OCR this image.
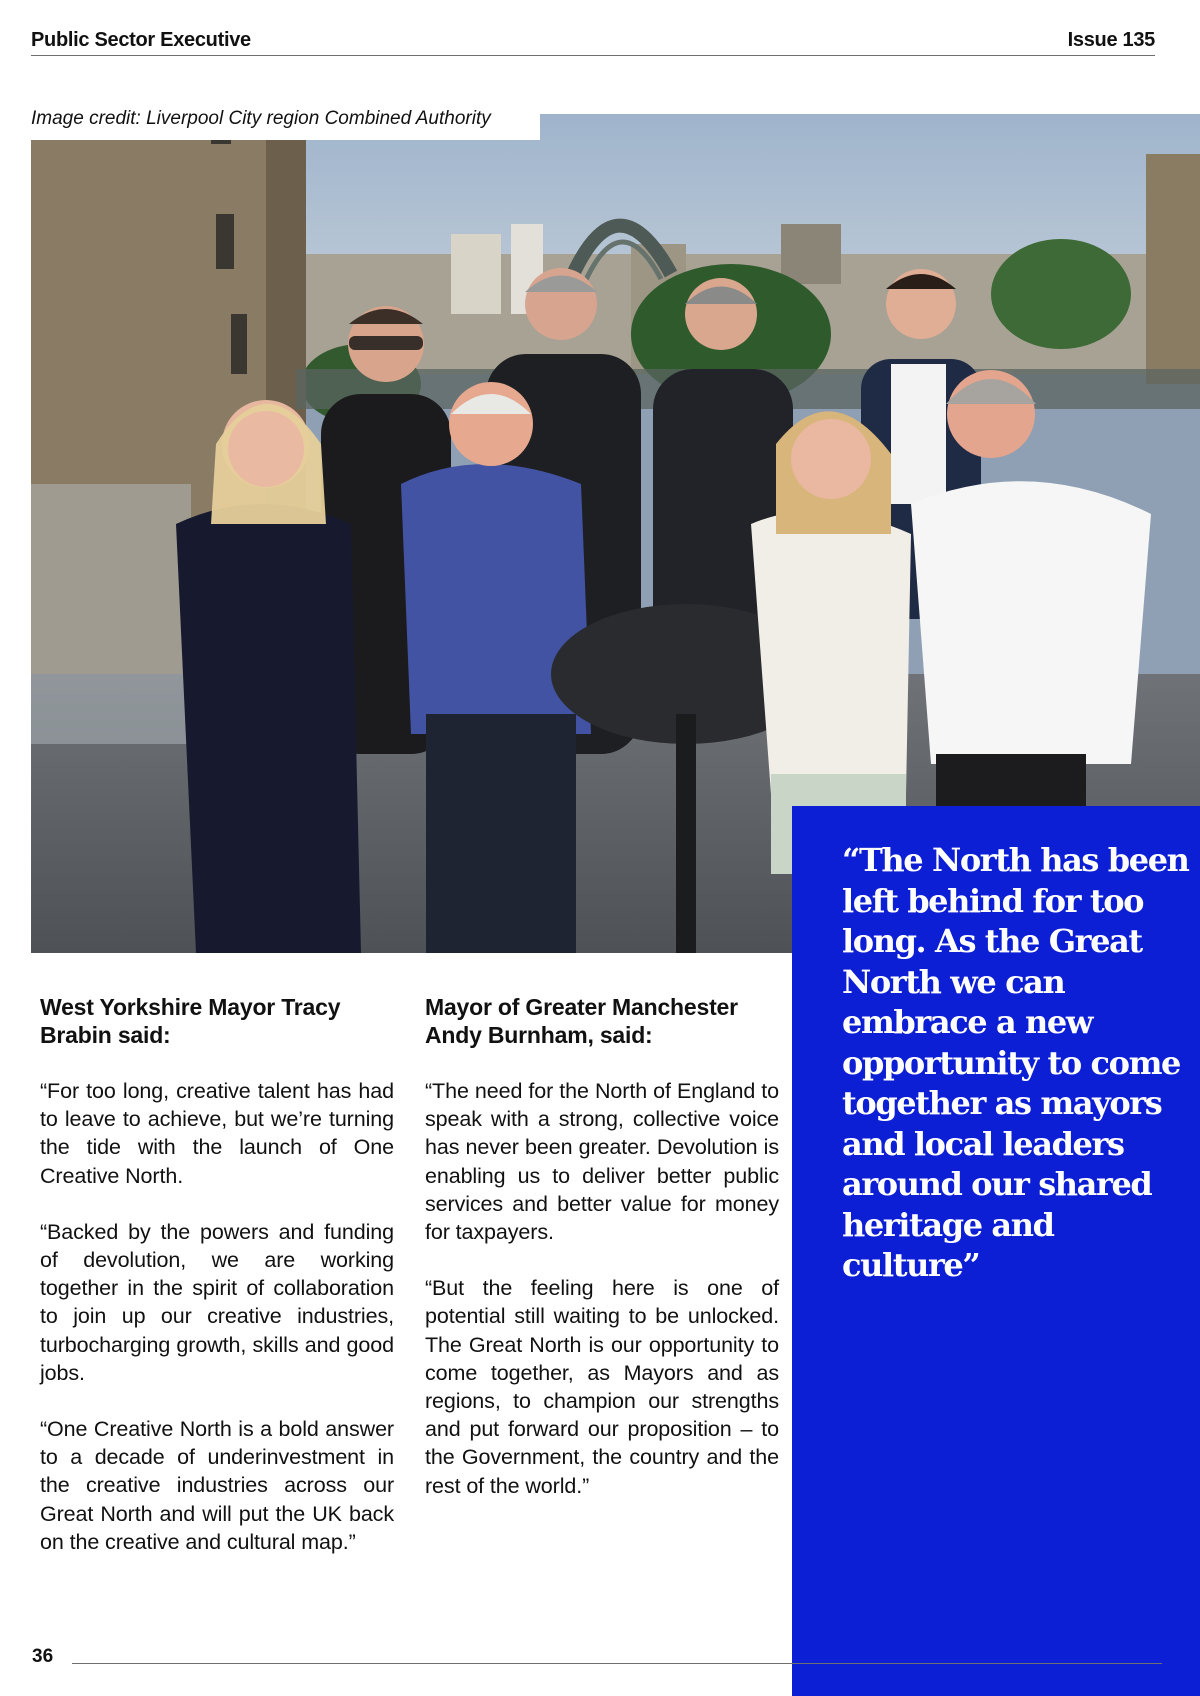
Public Sector Executive	Issue 135
Image credit: Liverpool City region Combined Authority
“The North has been left behind for too long. As the Great North we can embrace a new opportunity to come together as mayors and local leaders around our shared heritage and culture”
West Yorkshire Mayor Tracy Brabin said:

“For too long, creative talent has had to leave to achieve, but we’re turning the tide with the launch of One Creative North.

“Backed by the powers and funding of devolution, we are working together in the spirit of collaboration to join up our creative industries, turbocharging growth, skills and good jobs.

“One Creative North is a bold answer to a decade of underinvestment in the creative industries across our Great North and will put the UK back on the creative and cultural map.”

Mayor of Greater Manchester Andy Burnham, said:

“The need for the North of England to speak with a strong, collective voice has never been greater. Devolution is enabling us to deliver better public services and better value for money for taxpayers.

“But the feeling here is one of potential still waiting to be unlocked. The Great North is our opportunity to come together, as Mayors and as regions, to champion our strengths and put forward our proposition – to the Government, the country and the rest of the world.”

36
